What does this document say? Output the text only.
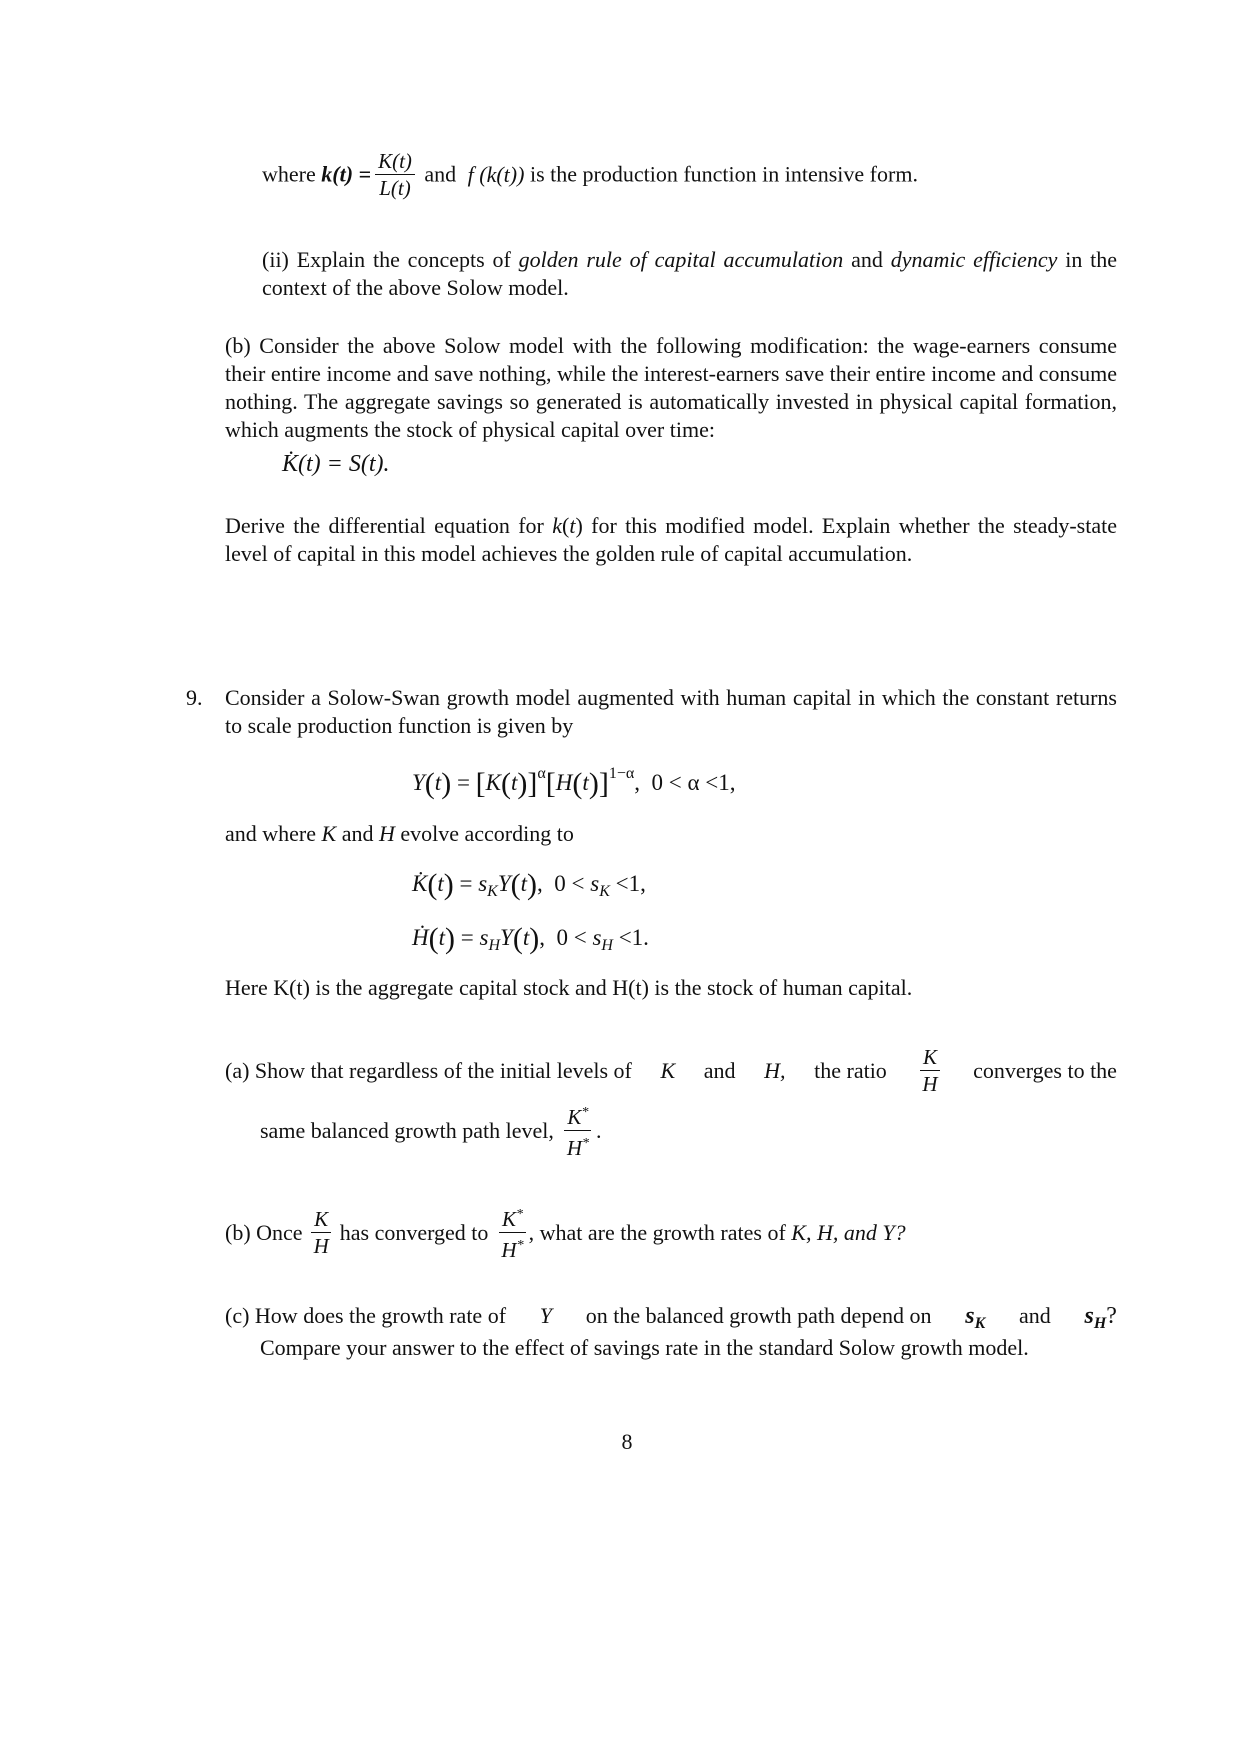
where $k(t) = \frac{K(t)}{L(t)}$ and f (k(t)) is the production function in intensive form.
(ii) Explain the concepts of golden rule of capital accumulation and dynamic efficiency in the context of the above Solow model.
(b) Consider the above Solow model with the following modification: the wage-earners consume their entire income and save nothing, while the interest-earners save their entire income and consume nothing. The aggregate savings so generated is automatically invested in physical capital formation, which augments the stock of physical capital over time:
K̇(t) = S(t).
Derive the differential equation for k(t) for this modified model. Explain whether the steady-state level of capital in this model achieves the golden rule of capital accumulation.
9. Consider a Solow-Swan growth model augmented with human capital in which the constant returns to scale production function is given by
$Y(t) = [K(t)]^\alpha[H(t)]^{1-\alpha}$,  0 < α <1,
and where K and H evolve according to
K̇(t) = $s_KY(t)$,  $0 < s_K <1$,
Ḣ(t) = $s_HY(t)$,  $0 < s_H <1$.
Here K(t) is the aggregate capital stock and H(t) is the stock of human capital.
(a) Show that regardless of the initial levels of K and H, the ratio $\frac{K}{H}$ converges to the
same balanced growth path level, $\frac{K^*}{H^*}$ .
(b) Once $\frac{K}{H}$ has converged to $\frac{K^*}{H^*}$ , what are the growth rates of
K, H, and Y?
(c) How does the growth rate of Y on the balanced growth path depend on $s_K$ and $s_H$?
Compare your answer to the effect of savings rate in the standard Solow growth model.
8
